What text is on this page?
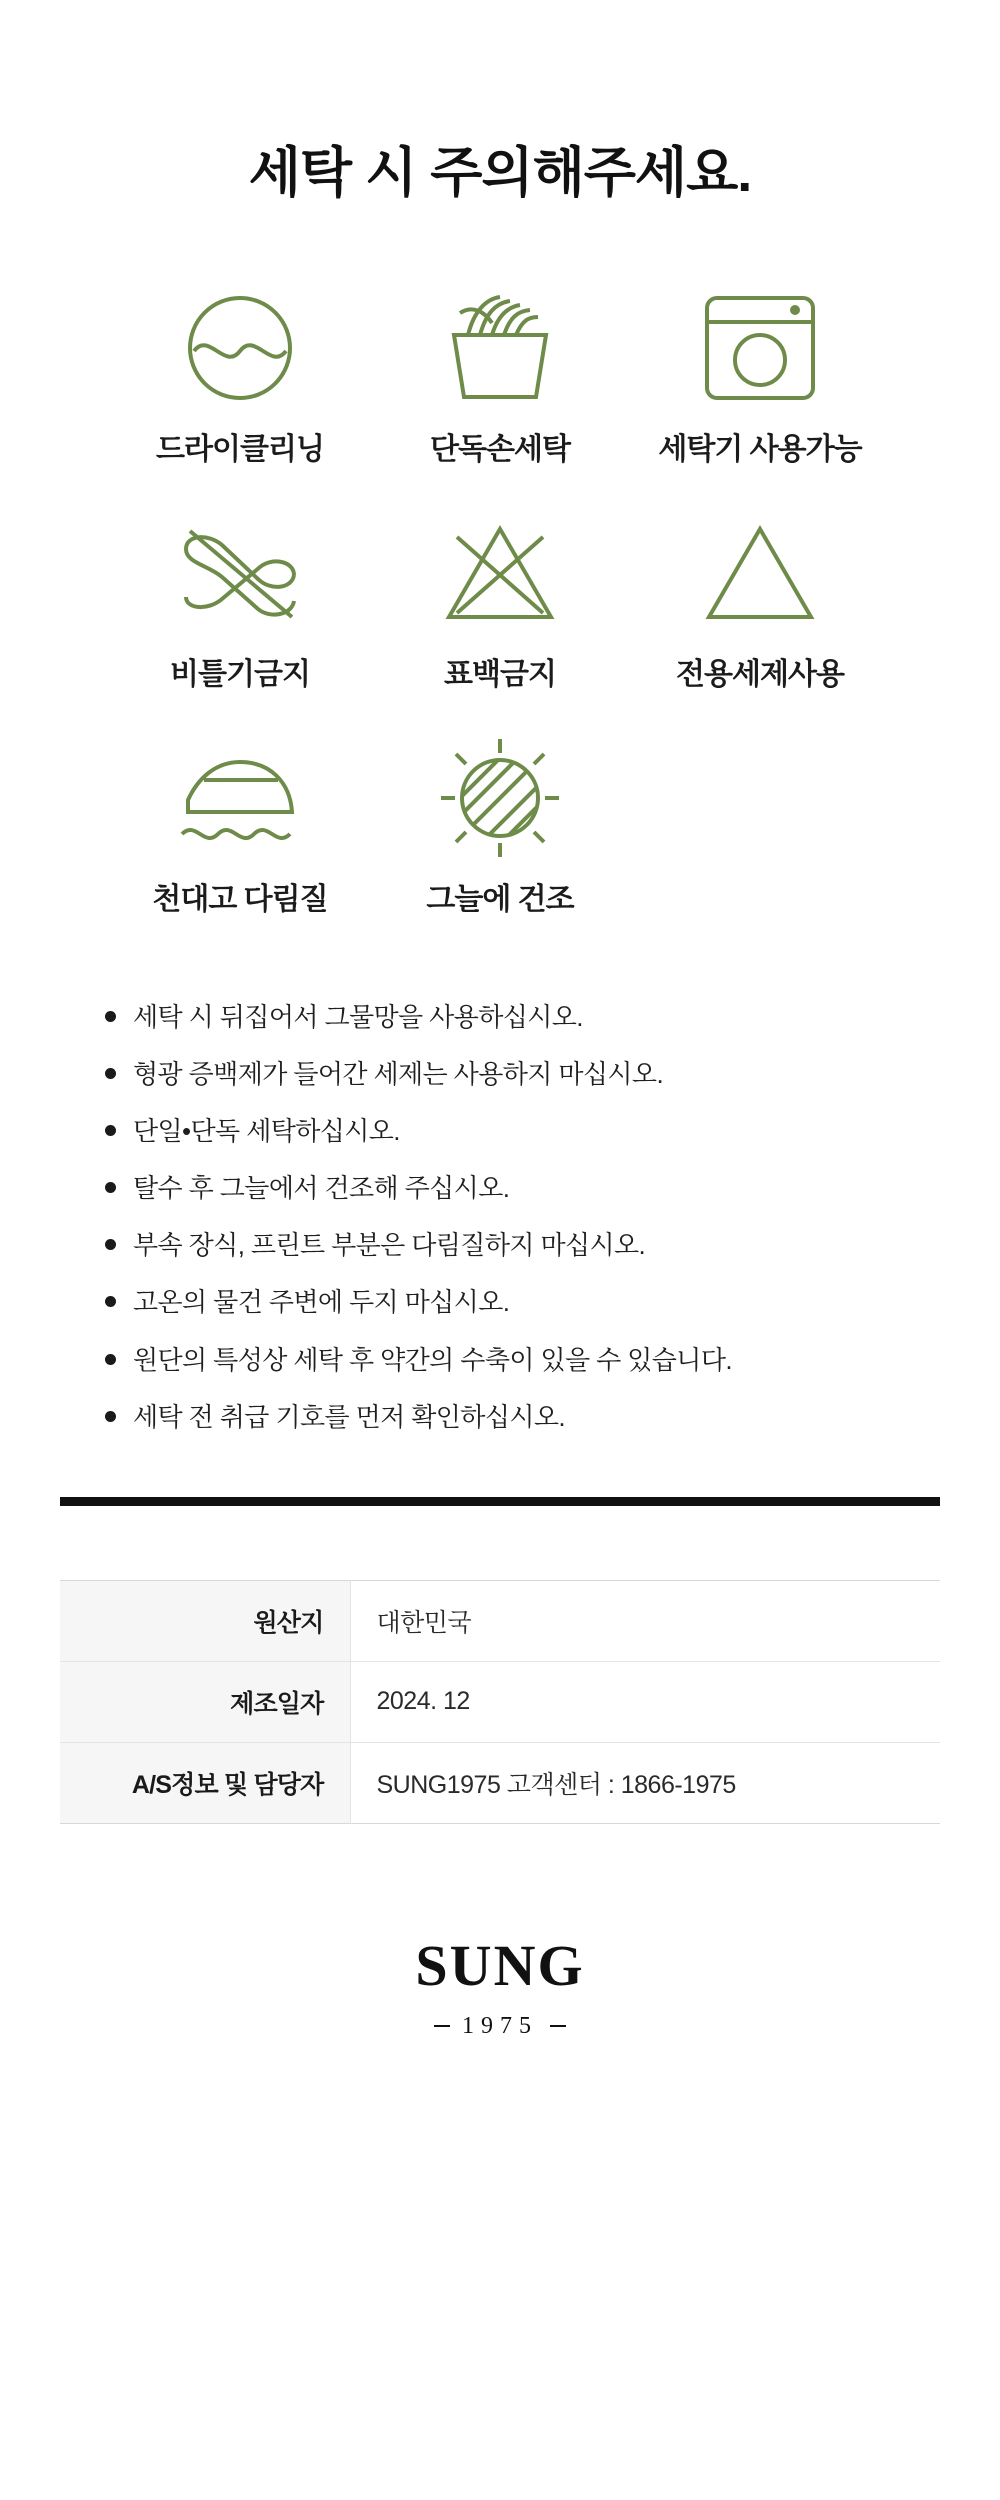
세탁 시 주의해주세요.
드라이클리닝	단독손세탁	세탁기 사용가능
비틀기금지	표백금지	전용세제사용
천대고 다림질	그늘에 건조
세탁 시 뒤집어서 그물망을 사용하십시오.
형광 증백제가 들어간 세제는 사용하지 마십시오.
단일•단독 세탁하십시오.
탈수 후 그늘에서 건조해 주십시오.
부속 장식, 프린트 부분은 다림질하지 마십시오.
고온의 물건 주변에 두지 마십시오.
원단의 특성상 세탁 후 약간의 수축이 있을 수 있습니다.
세탁 전 취급 기호를 먼저 확인하십시오.
원산지	대한민국
제조일자	2024. 12
A/S정보 및 담당자	SUNG1975 고객센터 : 1866-1975
SUNG
1975
